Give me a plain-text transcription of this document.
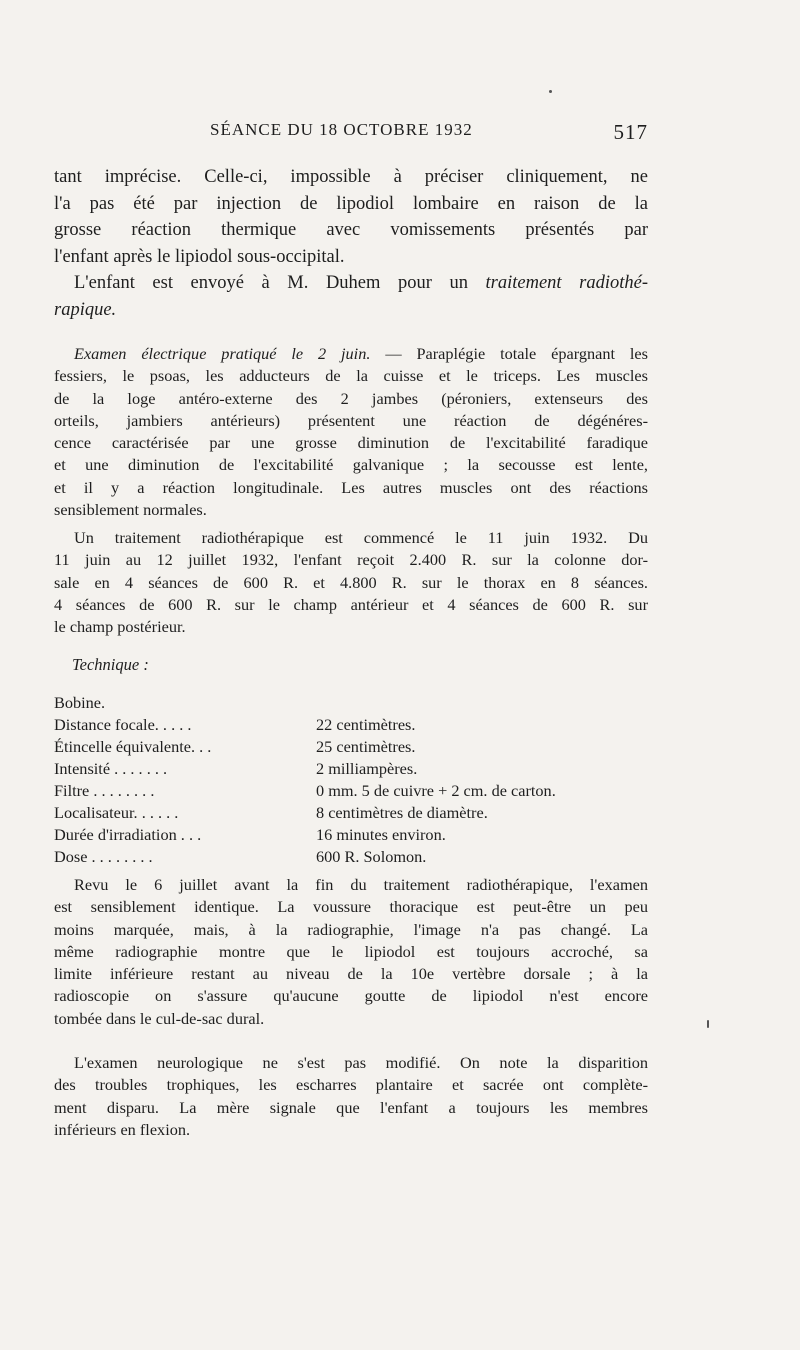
SÉANCE DU 18 OCTOBRE 1932	517
tant imprécise. Celle-ci, impossible à préciser cliniquement, ne
l'a pas été par injection de lipodiol lombaire en raison de la
grosse réaction thermique avec vomissements présentés par
l'enfant après le lipiodol sous-occipital.
L'enfant est envoyé à M. Duhem pour un traitement radiothé-
rapique.
Examen électrique pratiqué le 2 juin. — Paraplégie totale épargnant les
fessiers, le psoas, les adducteurs de la cuisse et le triceps. Les muscles
de la loge antéro-externe des 2 jambes (péroniers, extenseurs des
orteils, jambiers antérieurs) présentent une réaction de dégénéres-
cence caractérisée par une grosse diminution de l'excitabilité faradique
et une diminution de l'excitabilité galvanique ; la secousse est lente,
et il y a réaction longitudinale. Les autres muscles ont des réactions
sensiblement normales.
Un traitement radiothérapique est commencé le 11 juin 1932. Du
11 juin au 12 juillet 1932, l'enfant reçoit 2.400 R. sur la colonne dor-
sale en 4 séances de 600 R. et 4.800 R. sur le thorax en 8 séances.
4 séances de 600 R. sur le champ antérieur et 4 séances de 600 R. sur
le champ postérieur.
Technique :
Bobine.
Distance focale. . . . .	22 centimètres.
Étincelle équivalente. . .	25 centimètres.
Intensité . . . . . . .	2 milliampères.
Filtre . . . . . . . .	0 mm. 5 de cuivre + 2 cm. de carton.
Localisateur. . . . . .	8 centimètres de diamètre.
Durée d'irradiation . . .	16 minutes environ.
Dose . . . . . . . .	600 R. Solomon.
Revu le 6 juillet avant la fin du traitement radiothérapique, l'examen
est sensiblement identique. La voussure thoracique est peut-être un peu
moins marquée, mais, à la radiographie, l'image n'a pas changé. La
même radiographie montre que le lipiodol est toujours accroché, sa
limite inférieure restant au niveau de la 10e vertèbre dorsale ; à la
radioscopie on s'assure qu'aucune goutte de lipiodol n'est encore
tombée dans le cul-de-sac dural.
L'examen neurologique ne s'est pas modifié. On note la disparition
des troubles trophiques, les escharres plantaire et sacrée ont complète-
ment disparu. La mère signale que l'enfant a toujours les membres
inférieurs en flexion.
